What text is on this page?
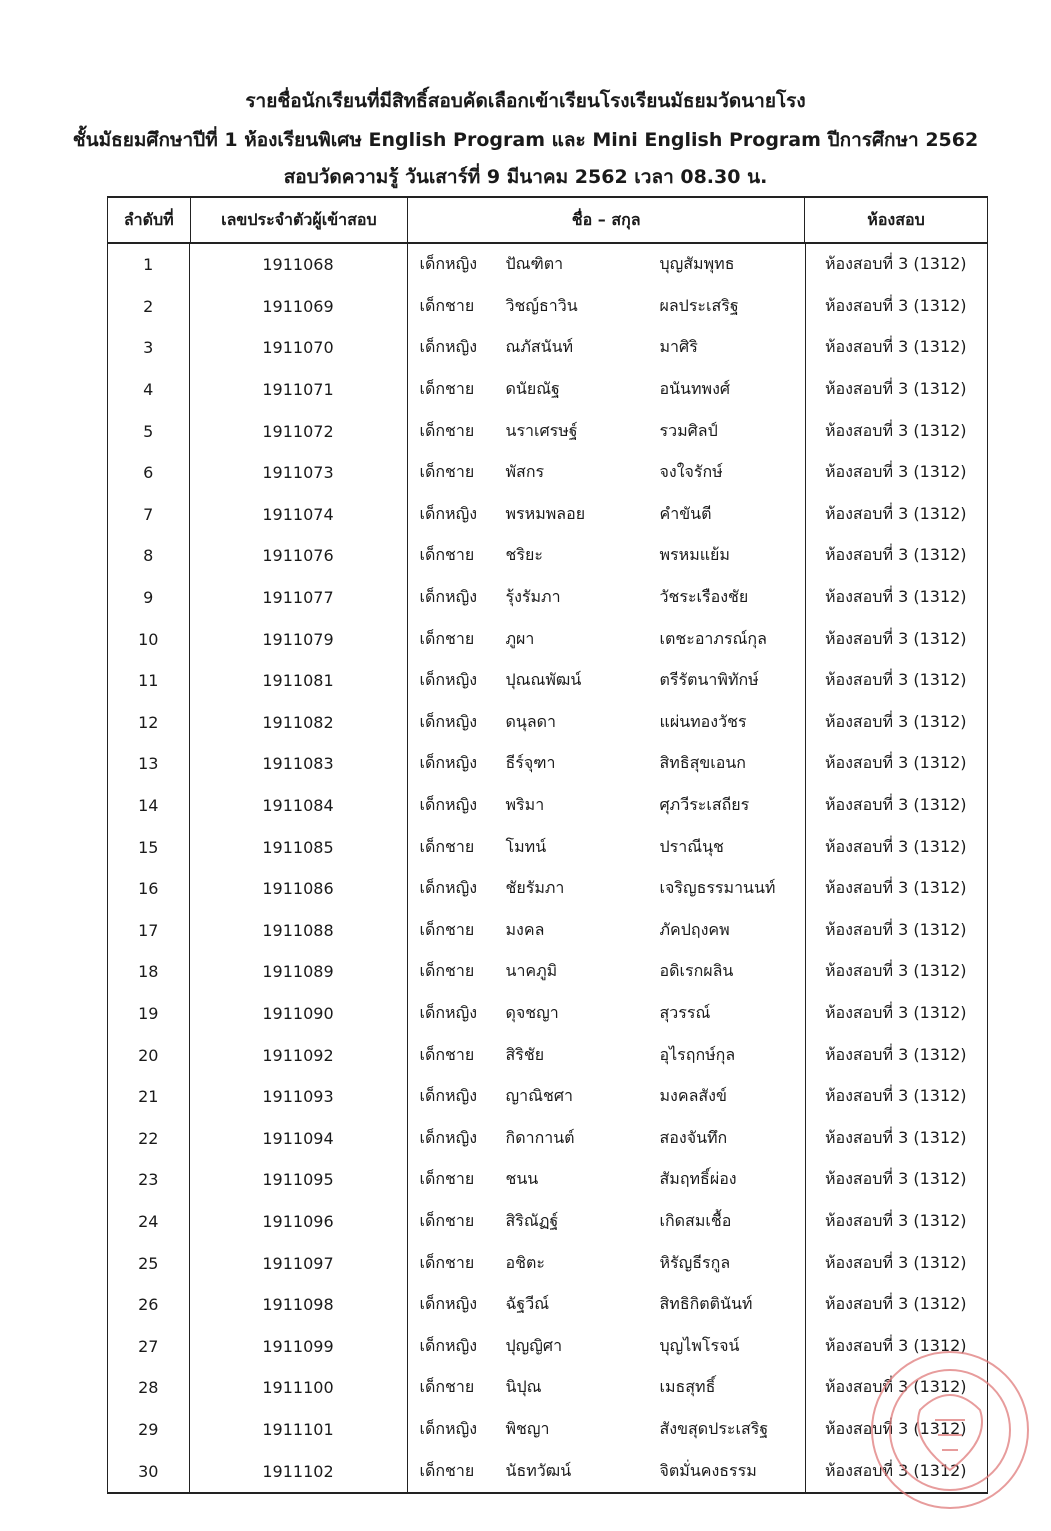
รายชื่อนักเรียนที่มีสิทธิ์สอบคัดเลือกเข้าเรียนโรงเรียนมัธยมวัดนายโรง
ชั้นมัธยมศึกษาปีที่ 1 ห้องเรียนพิเศษ English Program และ Mini English Program ปีการศึกษา 2562
สอบวัดความรู้ วันเสาร์ที่ 9 มีนาคม 2562 เวลา 08.30 น.
ลำดับที่	เลขประจำตัวผู้เข้าสอบ	ชื่อ – สกุล	ห้องสอบ
1	1911068	เด็กหญิง	ปัณฑิตา	บุญสัมพุทธ	ห้องสอบที่ 3 (1312)
2	1911069	เด็กชาย	วิชญ์ธาวิน	ผลประเสริฐ	ห้องสอบที่ 3 (1312)
3	1911070	เด็กหญิง	ณภัสนันท์	มาศิริ	ห้องสอบที่ 3 (1312)
4	1911071	เด็กชาย	ดนัยณัฐ	อนันทพงศ์	ห้องสอบที่ 3 (1312)
5	1911072	เด็กชาย	นราเศรษฐ์	รวมศิลป์	ห้องสอบที่ 3 (1312)
6	1911073	เด็กชาย	พัสกร	จงใจรักษ์	ห้องสอบที่ 3 (1312)
7	1911074	เด็กหญิง	พรหมพลอย	คำขันตี	ห้องสอบที่ 3 (1312)
8	1911076	เด็กชาย	ชริยะ	พรหมแย้ม	ห้องสอบที่ 3 (1312)
9	1911077	เด็กหญิง	รุ้งรัมภา	วัชระเรืองชัย	ห้องสอบที่ 3 (1312)
10	1911079	เด็กชาย	ภูผา	เตชะอาภรณ์กุล	ห้องสอบที่ 3 (1312)
11	1911081	เด็กหญิง	ปุณณพัฒน์	ตรีรัตนาพิทักษ์	ห้องสอบที่ 3 (1312)
12	1911082	เด็กหญิง	ดนุลดา	แผ่นทองวัชร	ห้องสอบที่ 3 (1312)
13	1911083	เด็กหญิง	ธีร์จุฑา	สิทธิสุขเอนก	ห้องสอบที่ 3 (1312)
14	1911084	เด็กหญิง	พริมา	ศุภวีระเสถียร	ห้องสอบที่ 3 (1312)
15	1911085	เด็กชาย	โมทน์	ปราณีนุช	ห้องสอบที่ 3 (1312)
16	1911086	เด็กหญิง	ชัยรัมภา	เจริญธรรมานนท์	ห้องสอบที่ 3 (1312)
17	1911088	เด็กชาย	มงคล	ภัคปฤงคพ	ห้องสอบที่ 3 (1312)
18	1911089	เด็กชาย	นาคภูมิ	อดิเรกผลิน	ห้องสอบที่ 3 (1312)
19	1911090	เด็กหญิง	ดุจชญา	สุวรรณ์	ห้องสอบที่ 3 (1312)
20	1911092	เด็กชาย	สิริชัย	อุไรฤกษ์กุล	ห้องสอบที่ 3 (1312)
21	1911093	เด็กหญิง	ญาณิชศา	มงคลสังข์	ห้องสอบที่ 3 (1312)
22	1911094	เด็กหญิง	กิดากานต์	สองจันทึก	ห้องสอบที่ 3 (1312)
23	1911095	เด็กชาย	ชนน	สัมฤทธิ์ผ่อง	ห้องสอบที่ 3 (1312)
24	1911096	เด็กชาย	สิริณัฏฐ์	เกิดสมเชื้อ	ห้องสอบที่ 3 (1312)
25	1911097	เด็กชาย	อชิตะ	หิรัญธีรกูล	ห้องสอบที่ 3 (1312)
26	1911098	เด็กหญิง	ฉัฐวีณ์	สิทธิกิตตินันท์	ห้องสอบที่ 3 (1312)
27	1911099	เด็กหญิง	ปุญญิศา	บุญไพโรจน์	ห้องสอบที่ 3 (1312)
28	1911100	เด็กชาย	นิปุณ	เมธสุทธิ์	ห้องสอบที่ 3 (1312)
29	1911101	เด็กหญิง	พิชญา	สังขสุดประเสริฐ	ห้องสอบที่ 3 (1312)
30	1911102	เด็กชาย	นัธทวัฒน์	จิตมั่นคงธรรม	ห้องสอบที่ 3 (1312)
